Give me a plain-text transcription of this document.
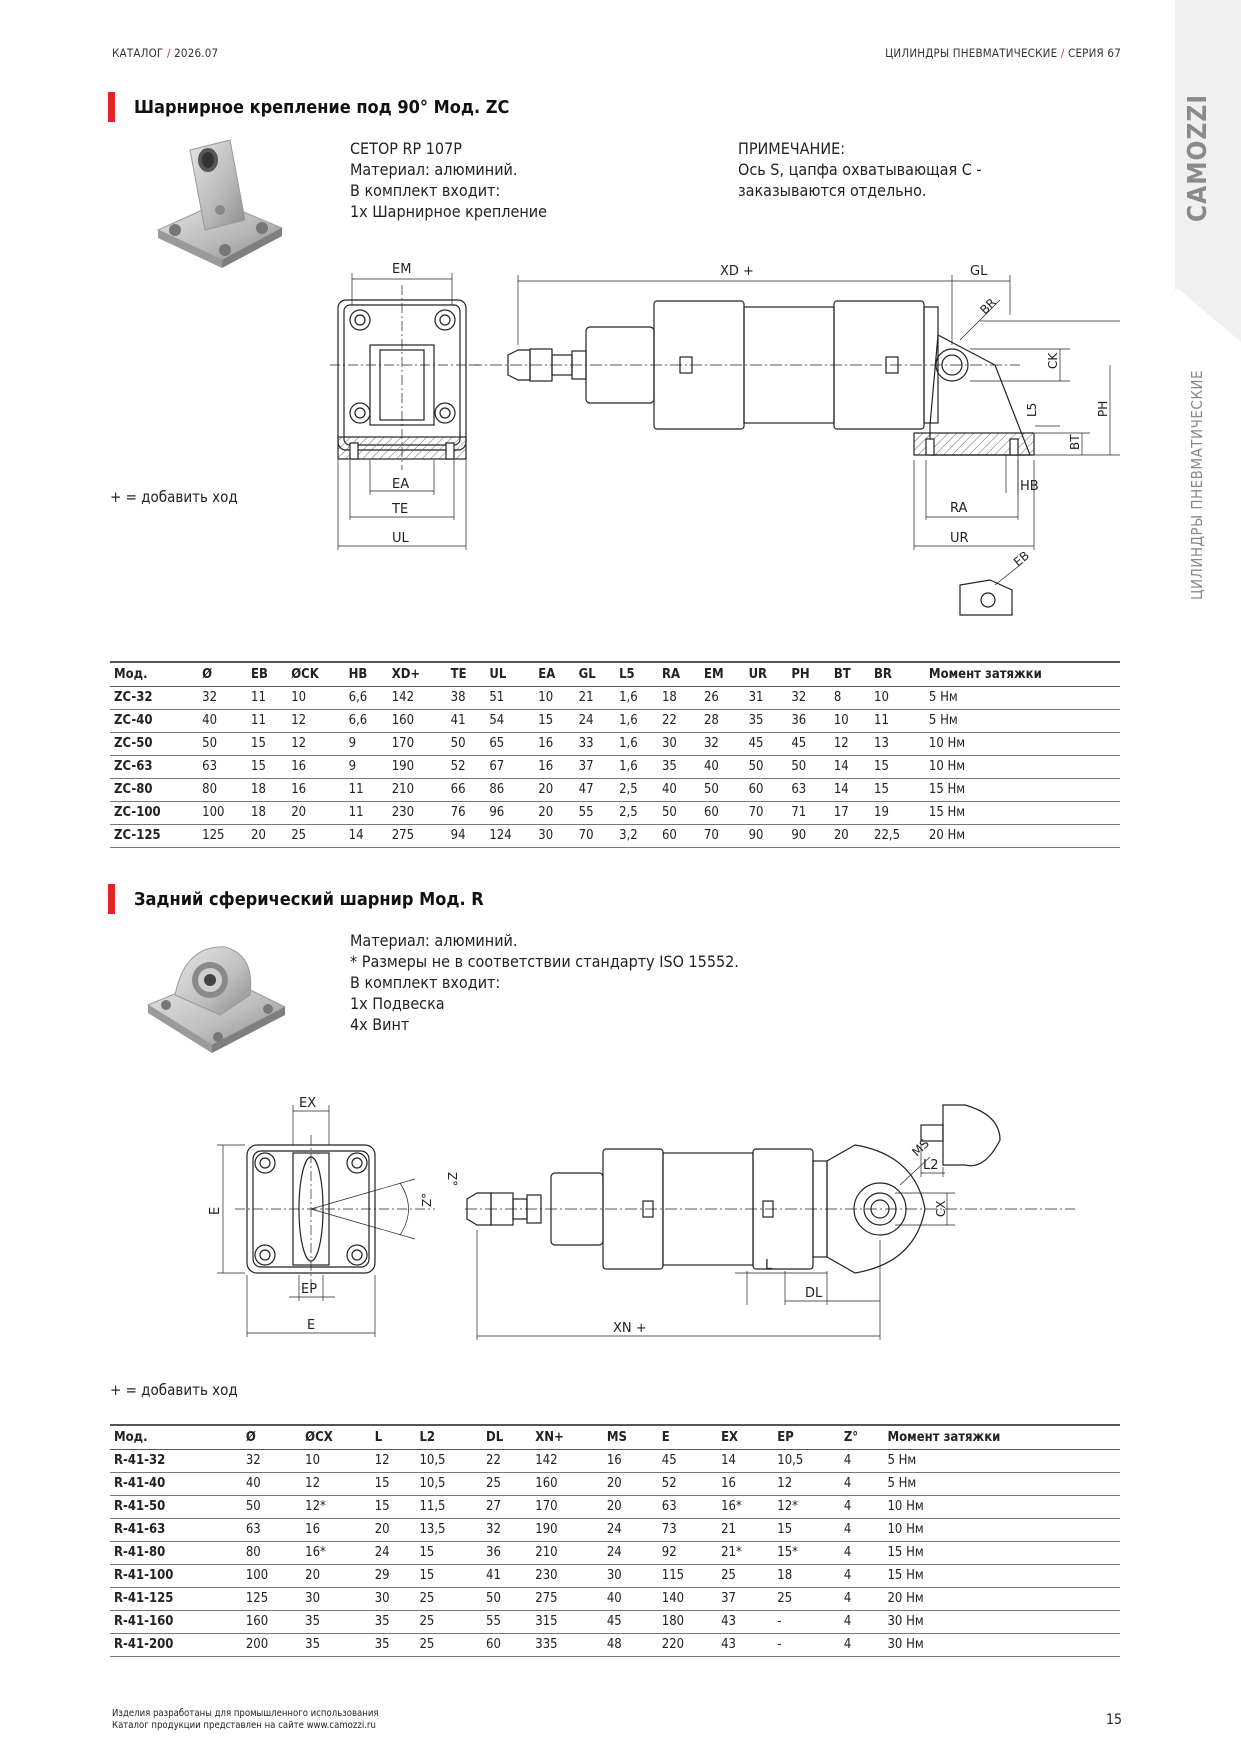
КАТАЛОГ / 2026.07	ЦИЛИНДРЫ ПНЕВМАТИЧЕСКИЕ / СЕРИЯ 67
CAMOZZI
ЦИЛИНДРЫ ПНЕВМАТИЧЕСКИЕ
Шарнирное крепление под 90° Мод. ZC
CETOP RP 107P
Материал: алюминий.
В комплект входит:
1x Шарнирное крепление
ПРИМЕЧАНИЕ:
Ось S, цапфа охватывающая C -
заказываются отдельно.
+ = добавить ход
EM
EA
TE
UL
XD +	GL
BR
CK
PH
BT
L5
HB
RA
UR
EB
Мод.	Ø	EB	ØCK	HB	XD+	TE	UL	EA	GL	L5	RA	EM	UR	PH	BT	BR	Момент затяжки
ZC-32	32	11	10	6,6	142	38	51	10	21	1,6	18	26	31	32	8	10	5 Нм
ZC-40	40	11	12	6,6	160	41	54	15	24	1,6	22	28	35	36	10	11	5 Нм
ZC-50	50	15	12	9	170	50	65	16	33	1,6	30	32	45	45	12	13	10 Нм
ZC-63	63	15	16	9	190	52	67	16	37	1,6	35	40	50	50	14	15	10 Нм
ZC-80	80	18	16	11	210	66	86	20	47	2,5	40	50	60	63	14	15	15 Нм
ZC-100	100	18	20	11	230	76	96	20	55	2,5	50	60	70	71	17	19	15 Нм
ZC-125	125	20	25	14	275	94	124	30	70	3,2	60	70	90	90	20	22,5	20 Нм
Задний сферический шарнир Мод. R
Материал: алюминий.
* Размеры не в соответствии стандарту ISO 15552.
В комплект входит:
1x Подвеска
4x Винт
Z°
Z°
EX
E
EP
E
MS
CX
L
DL
XN +
L2
+ = добавить ход
Мод.	Ø	ØCX	L	L2	DL	XN+	MS	E	EX	EP	Z°	Момент затяжки
R-41-32	32	10	12	10,5	22	142	16	45	14	10,5	4	5 Нм
R-41-40	40	12	15	10,5	25	160	20	52	16	12	4	5 Нм
R-41-50	50	12*	15	11,5	27	170	20	63	16*	12*	4	10 Нм
R-41-63	63	16	20	13,5	32	190	24	73	21	15	4	10 Нм
R-41-80	80	16*	24	15	36	210	24	92	21*	15*	4	15 Нм
R-41-100	100	20	29	15	41	230	30	115	25	18	4	15 Нм
R-41-125	125	30	30	25	50	275	40	140	37	25	4	20 Нм
R-41-160	160	35	35	25	55	315	45	180	43	-	4	30 Нм
R-41-200	200	35	35	25	60	335	48	220	43	-	4	30 Нм
Изделия разработаны для промышленного использования
Каталог продукции представлен на сайте www.camozzi.ru	15
